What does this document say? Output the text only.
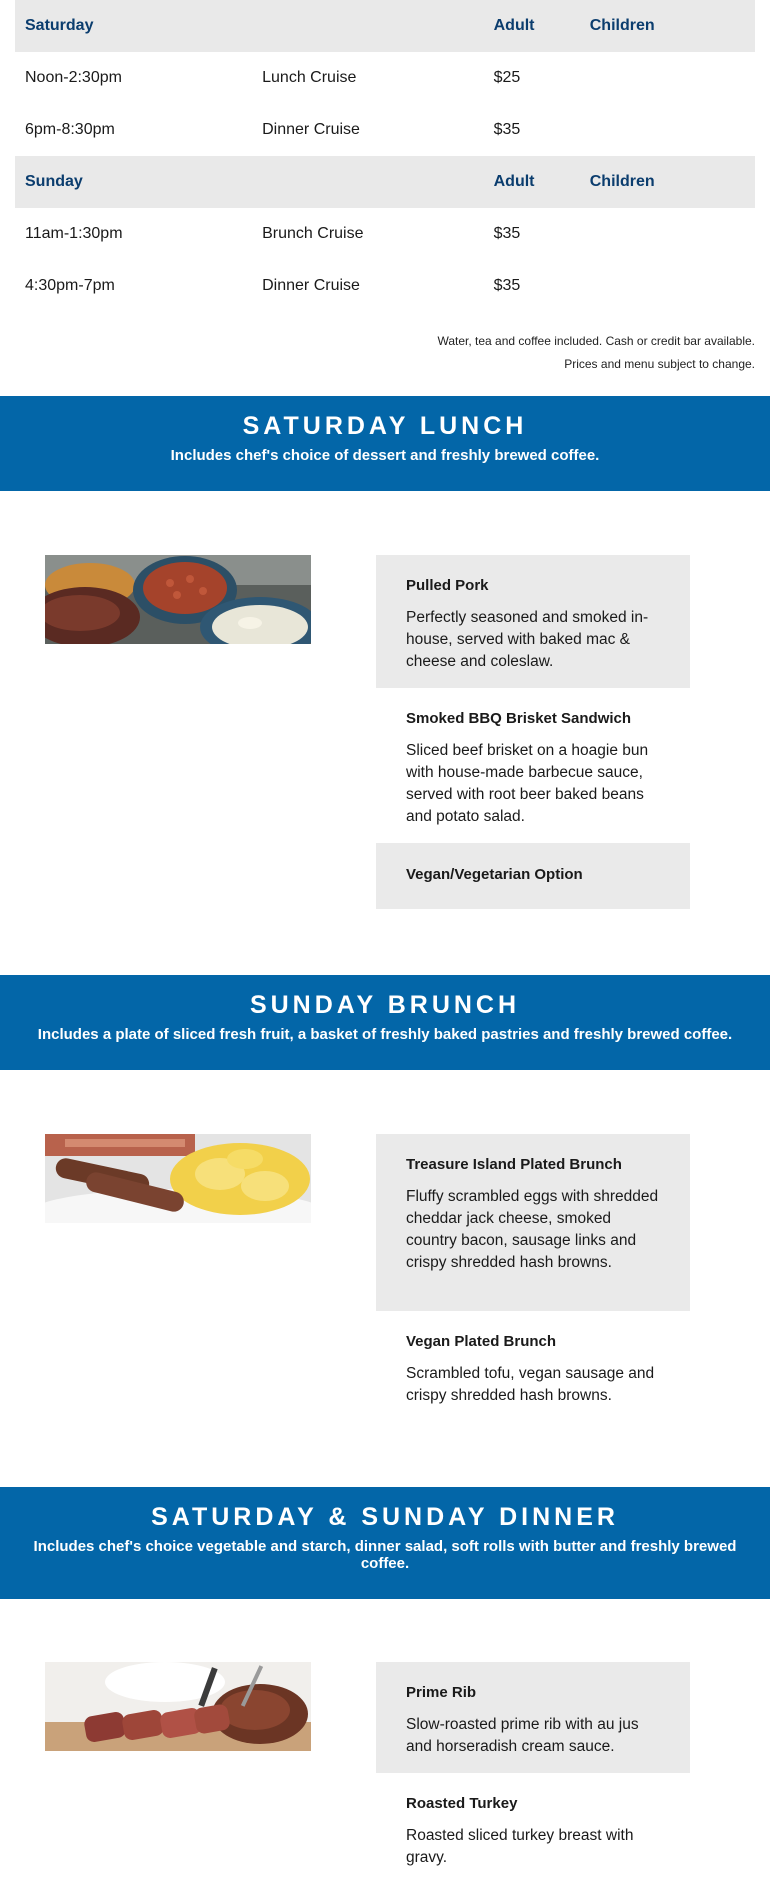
Saturday		Adult	Children
Noon-2:30pm	Lunch Cruise	$25	
6pm-8:30pm	Dinner Cruise	$35	
Sunday		Adult	Children
11am-1:30pm	Brunch Cruise	$35	
4:30pm-7pm	Dinner Cruise	$35	
Water, tea and coffee included. Cash or credit bar available.
Prices and menu subject to change.

SATURDAY LUNCH

Includes chef's choice of dessert and freshly brewed coffee.

Pulled Pork

Perfectly seasoned and smoked in-house, served with baked mac & cheese and coleslaw.

Smoked BBQ Brisket Sandwich

Sliced beef brisket on a hoagie bun with house-made barbecue sauce, served with root beer baked beans and potato salad.

Vegan/Vegetarian Option

SUNDAY BRUNCH

Includes a plate of sliced fresh fruit, a basket of freshly baked pastries and freshly brewed coffee.

Treasure Island Plated Brunch

Fluffy scrambled eggs with shredded cheddar jack cheese, smoked country bacon, sausage links and crispy shredded hash browns.

Vegan Plated Brunch

Scrambled tofu, vegan sausage and crispy shredded hash browns.

SATURDAY & SUNDAY DINNER

Includes chef's choice vegetable and starch, dinner salad, soft rolls with butter and freshly brewed coffee.

Prime Rib

Slow-roasted prime rib with au jus and horseradish cream sauce.

Roasted Turkey

Roasted sliced turkey breast with gravy.
